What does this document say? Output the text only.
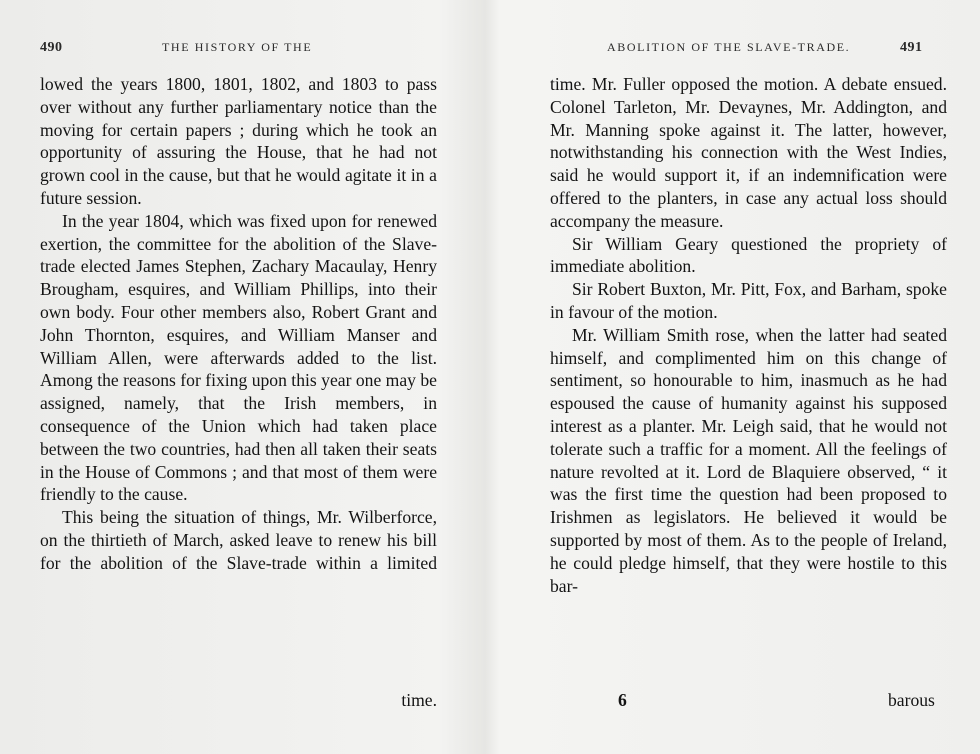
490	THE HISTORY OF THE

lowed the years 1800, 1801, 1802, and 1803 to pass over without any further parliamentary notice than the moving for certain papers ; during which he took an opportunity of assuring the House, that he had not grown cool in the cause, but that he would agitate it in a future session.

In the year 1804, which was fixed upon for renewed exertion, the committee for the abolition of the Slave-trade elected James Stephen, Zachary Macaulay, Henry Brougham, esquires, and William Phillips, into their own body. Four other members also, Robert Grant and John Thornton, esquires, and William Manser and William Allen, were afterwards added to the list. Among the reasons for fixing upon this year one may be assigned, namely, that the Irish members, in consequence of the Union which had taken place between the two countries, had then all taken their seats in the House of Commons ; and that most of them were friendly to the cause.

This being the situation of things, Mr. Wilberforce, on the thirtieth of March, asked leave to renew his bill for the abolition of the Slave-trade within a limited

time.
ABOLITION OF THE SLAVE-TRADE.	491

time. Mr. Fuller opposed the motion. A debate ensued. Colonel Tarleton, Mr. Devaynes, Mr. Addington, and Mr. Manning spoke against it. The latter, however, notwithstanding his connection with the West Indies, said he would support it, if an indemnification were offered to the planters, in case any actual loss should accompany the measure.

Sir William Geary questioned the propriety of immediate abolition.

Sir Robert Buxton, Mr. Pitt, Fox, and Barham, spoke in favour of the motion.

Mr. William Smith rose, when the latter had seated himself, and complimented him on this change of sentiment, so honourable to him, inasmuch as he had espoused the cause of humanity against his supposed interest as a planter. Mr. Leigh said, that he would not tolerate such a traffic for a moment. All the feelings of nature revolted at it. Lord de Blaquiere observed, “ it was the first time the question had been proposed to Irishmen as legislators. He believed it would be supported by most of them. As to the people of Ireland, he could pledge himself, that they were hostile to this bar-

6	barous
